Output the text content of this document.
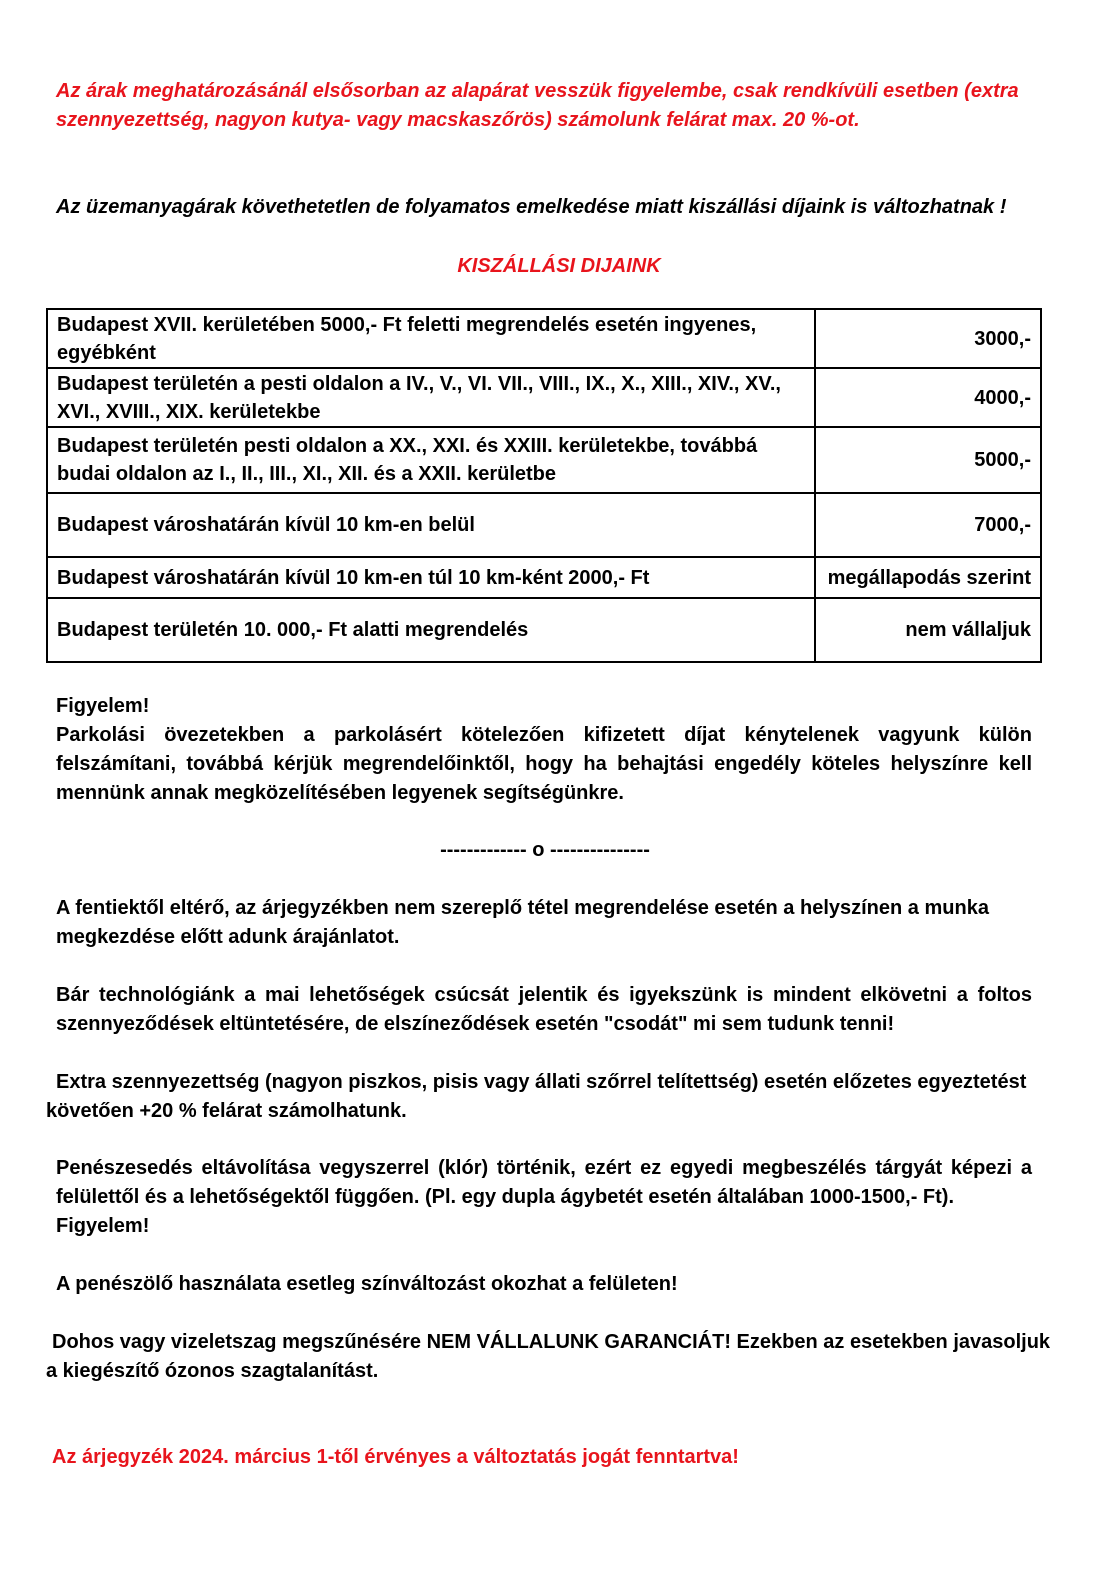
Az árak meghatározásánál elsősorban az alapárat vesszük figyelembe, csak rendkívüli esetben (extra szennyezettség, nagyon kutya- vagy macskaszőrös) számolunk felárat max. 20 %-ot.
Az üzemanyagárak követhetetlen de folyamatos emelkedése miatt kiszállási díjaink is változhatnak !
KISZÁLLÁSI DIJAINK
Budapest XVII. kerületében 5000,- Ft feletti megrendelés esetén ingyenes, egyébként	3000,-
Budapest területén a pesti oldalon a IV., V., VI. VII., VIII., IX., X., XIII., XIV., XV., XVI., XVIII., XIX. kerületekbe	4000,-
Budapest területén pesti oldalon a XX., XXI. és XXIII. kerületekbe, továbbá budai oldalon az I., II., III., XI., XII. és a XXII. kerületbe	5000,-
Budapest városhatárán kívül 10 km-en belül	7000,-
Budapest városhatárán kívül 10 km-en túl 10 km-ként 2000,- Ft	megállapodás szerint
Budapest területén 10. 000,- Ft alatti megrendelés	nem vállaljuk
Figyelem!
Parkolási övezetekben a parkolásért kötelezően kifizetett díjat kénytelenek vagyunk külön felszámítani, továbbá kérjük megrendelőinktől, hogy ha behajtási engedély köteles helyszínre kell mennünk annak megközelítésében legyenek segítségünkre.
------------- o ---------------
A fentiektől eltérő, az árjegyzékben nem szereplő tétel megrendelése esetén a helyszínen a munka megkezdése előtt adunk árajánlatot.
Bár technológiánk a mai lehetőségek csúcsát jelentik és igyekszünk is mindent elkövetni a foltos szennyeződések eltüntetésére, de elszíneződések esetén "csodát" mi sem tudunk tenni!
Extra szennyezettség (nagyon piszkos, pisis vagy állati szőrrel telítettség) esetén előzetes egyeztetést
követően +20 % felárat számolhatunk.
Penészesedés eltávolítása vegyszerrel (klór) történik, ezért ez egyedi megbeszélés tárgyát képezi a felülettől és a lehetőségektől függően. (Pl. egy dupla ágybetét esetén általában 1000-1500,- Ft).
Figyelem!
A penészölő használata esetleg színváltozást okozhat a felületen!
Dohos vagy vizeletszag megszűnésére NEM VÁLLALUNK GARANCIÁT! Ezekben az esetekben javasoljuk
a kiegészítő ózonos szagtalanítást.
Az árjegyzék 2024. március 1-től érvényes a változtatás jogát fenntartva!
